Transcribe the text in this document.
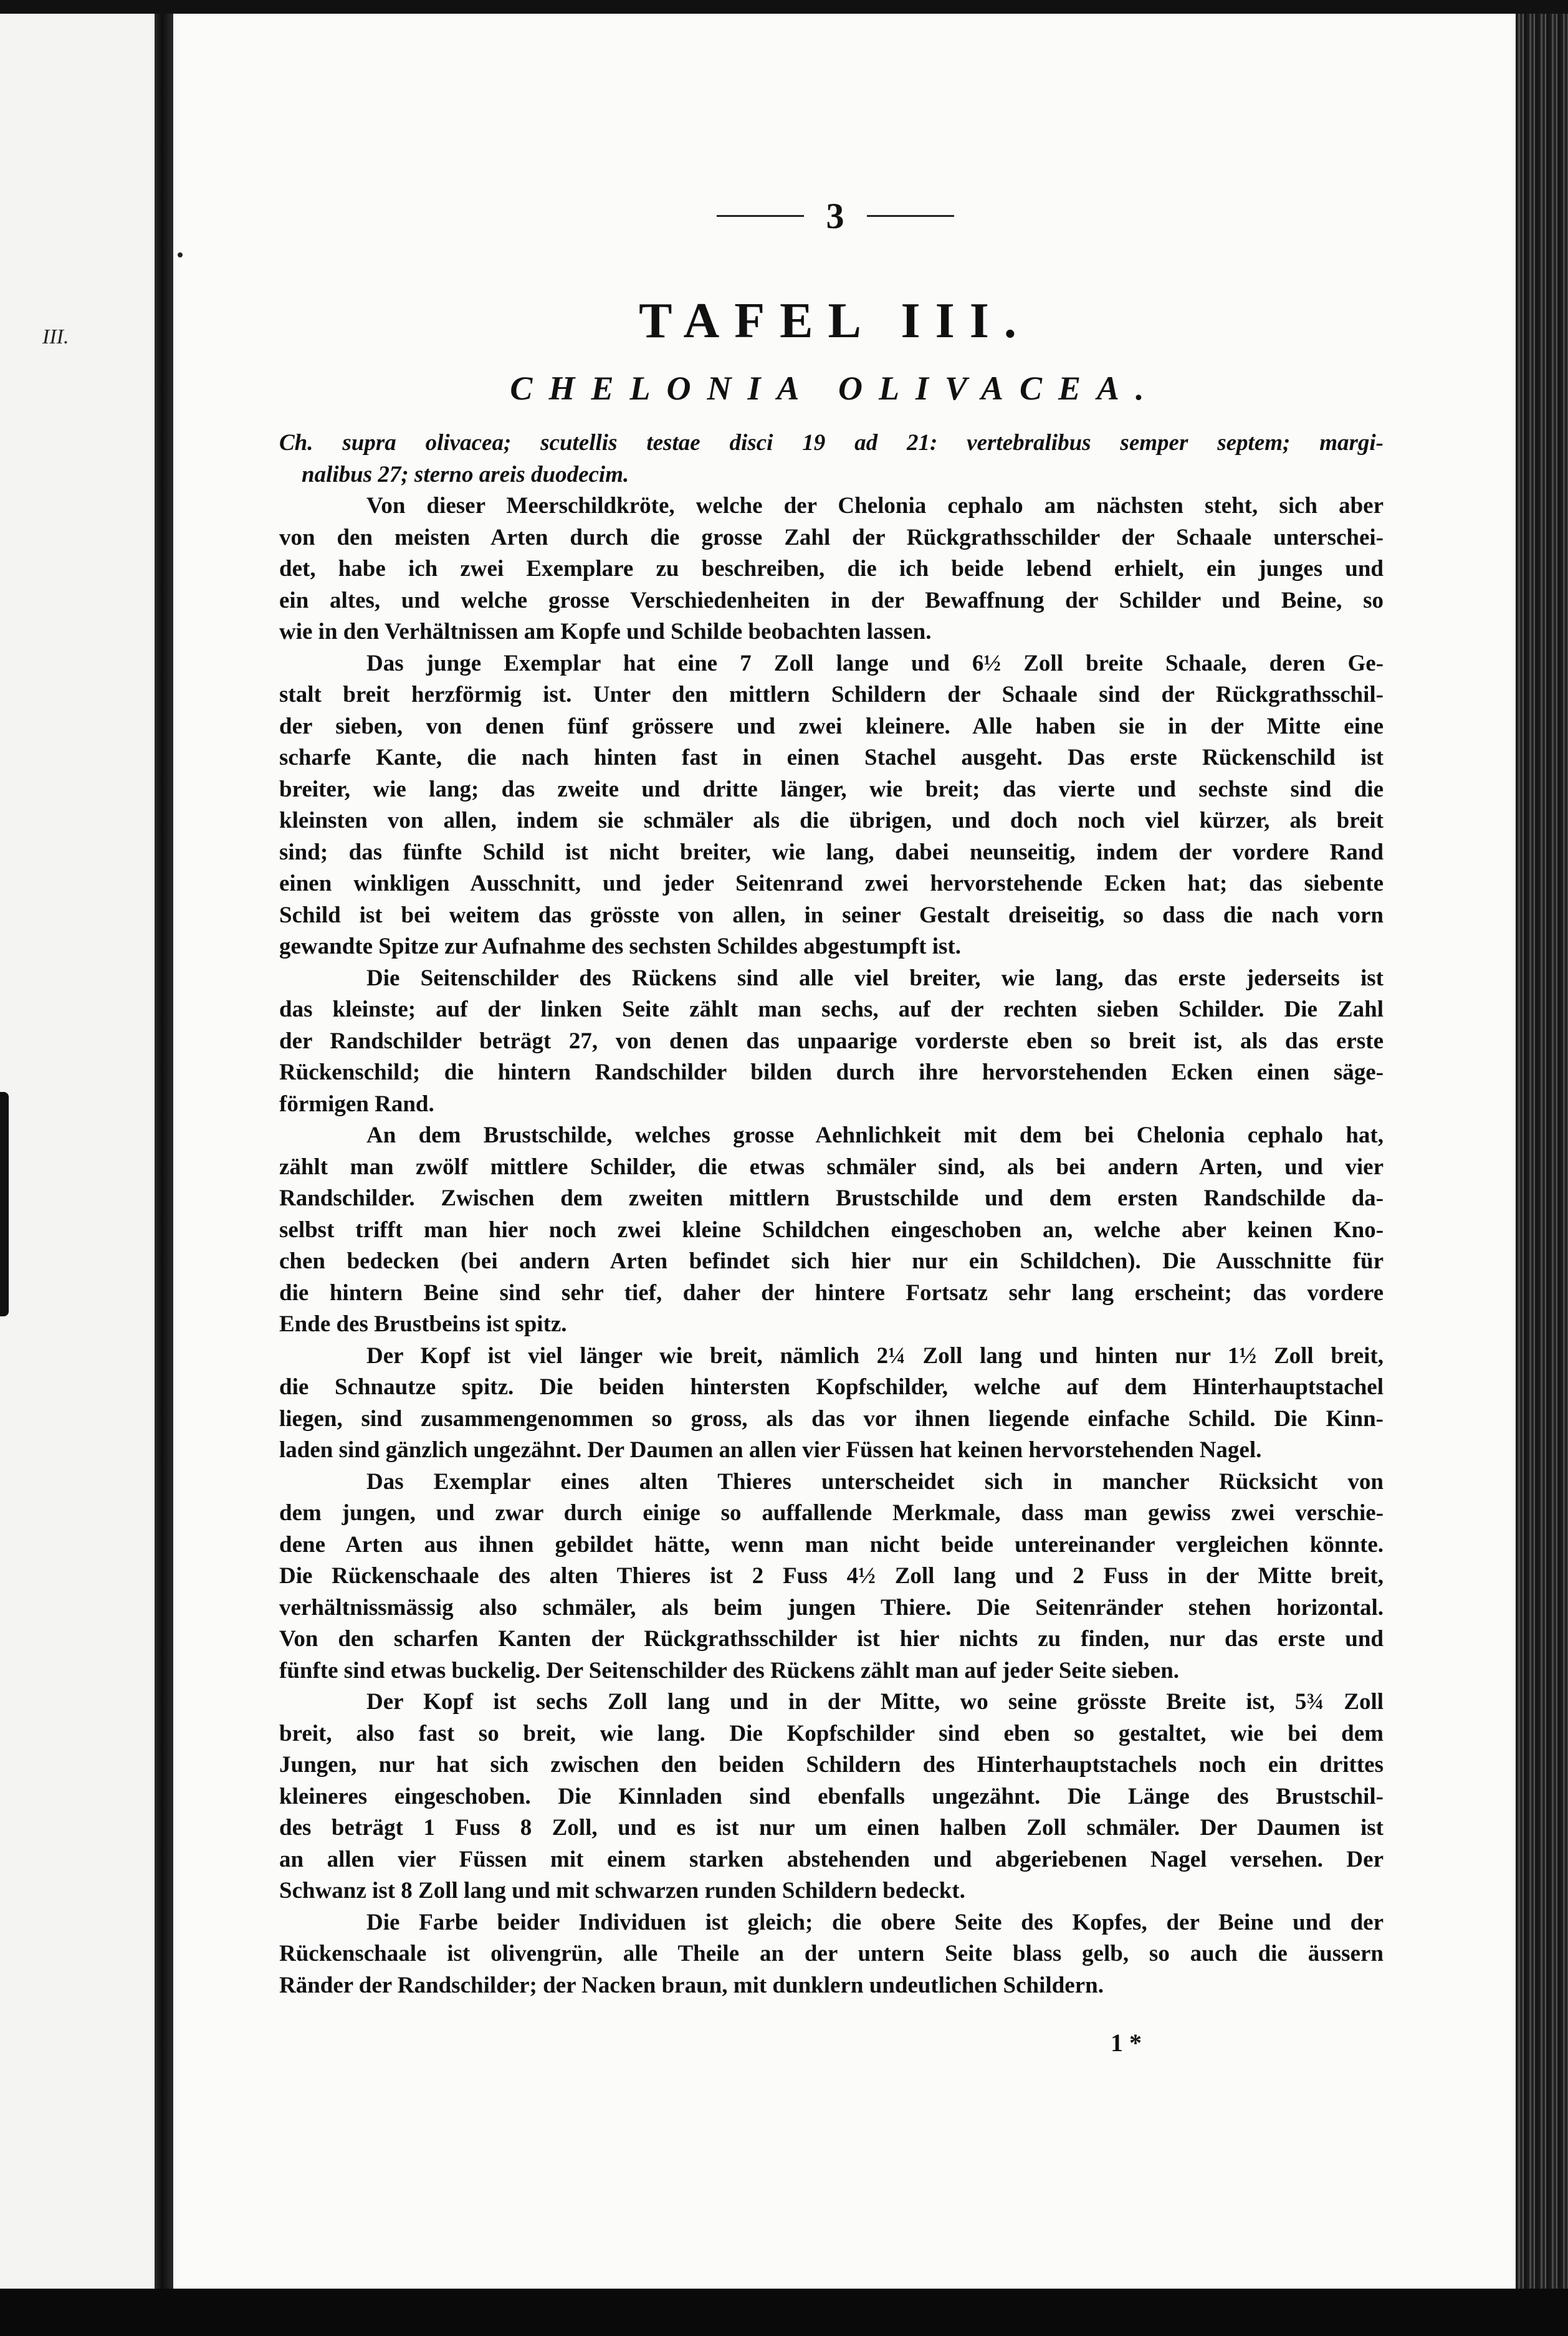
III.
3
TAFEL III.
CHELONIA OLIVACEA.

Ch. supra olivacea; scutellis testae disci 19 ad 21: vertebralibus semper septem; margi-
nalibus 27; sterno areis duodecim.

Von dieser Meerschildkröte, welche der Chelonia cephalo am nächsten steht, sich aber
von den meisten Arten durch die grosse Zahl der Rückgrathsschilder der Schaale unterschei-
det, habe ich zwei Exemplare zu beschreiben, die ich beide lebend erhielt, ein junges und
ein altes, und welche grosse Verschiedenheiten in der Bewaffnung der Schilder und Beine, so
wie in den Verhältnissen am Kopfe und Schilde beobachten lassen.

Das junge Exemplar hat eine 7 Zoll lange und 6½ Zoll breite Schaale, deren Ge-
stalt breit herzförmig ist. Unter den mittlern Schildern der Schaale sind der Rückgrathsschil-
der sieben, von denen fünf grössere und zwei kleinere. Alle haben sie in der Mitte eine
scharfe Kante, die nach hinten fast in einen Stachel ausgeht. Das erste Rückenschild ist
breiter, wie lang; das zweite und dritte länger, wie breit; das vierte und sechste sind die
kleinsten von allen, indem sie schmäler als die übrigen, und doch noch viel kürzer, als breit
sind; das fünfte Schild ist nicht breiter, wie lang, dabei neunseitig, indem der vordere Rand
einen winkligen Ausschnitt, und jeder Seitenrand zwei hervorstehende Ecken hat; das siebente
Schild ist bei weitem das grösste von allen, in seiner Gestalt dreiseitig, so dass die nach vorn
gewandte Spitze zur Aufnahme des sechsten Schildes abgestumpft ist.

Die Seitenschilder des Rückens sind alle viel breiter, wie lang, das erste jederseits ist
das kleinste; auf der linken Seite zählt man sechs, auf der rechten sieben Schilder. Die Zahl
der Randschilder beträgt 27, von denen das unpaarige vorderste eben so breit ist, als das erste
Rückenschild; die hintern Randschilder bilden durch ihre hervorstehenden Ecken einen säge-
förmigen Rand.

An dem Brustschilde, welches grosse Aehnlichkeit mit dem bei Chelonia cephalo hat,
zählt man zwölf mittlere Schilder, die etwas schmäler sind, als bei andern Arten, und vier
Randschilder. Zwischen dem zweiten mittlern Brustschilde und dem ersten Randschilde da-
selbst trifft man hier noch zwei kleine Schildchen eingeschoben an, welche aber keinen Kno-
chen bedecken (bei andern Arten befindet sich hier nur ein Schildchen). Die Ausschnitte für
die hintern Beine sind sehr tief, daher der hintere Fortsatz sehr lang erscheint; das vordere
Ende des Brustbeins ist spitz.

Der Kopf ist viel länger wie breit, nämlich 2¼ Zoll lang und hinten nur 1½ Zoll breit,
die Schnautze spitz. Die beiden hintersten Kopfschilder, welche auf dem Hinterhauptstachel
liegen, sind zusammengenommen so gross, als das vor ihnen liegende einfache Schild. Die Kinn-
laden sind gänzlich ungezähnt. Der Daumen an allen vier Füssen hat keinen hervorstehenden Nagel.

Das Exemplar eines alten Thieres unterscheidet sich in mancher Rücksicht von
dem jungen, und zwar durch einige so auffallende Merkmale, dass man gewiss zwei verschie-
dene Arten aus ihnen gebildet hätte, wenn man nicht beide untereinander vergleichen könnte.
Die Rückenschaale des alten Thieres ist 2 Fuss 4½ Zoll lang und 2 Fuss in der Mitte breit,
verhältnissmässig also schmäler, als beim jungen Thiere. Die Seitenränder stehen horizontal.
Von den scharfen Kanten der Rückgrathsschilder ist hier nichts zu finden, nur das erste und
fünfte sind etwas buckelig. Der Seitenschilder des Rückens zählt man auf jeder Seite sieben.

Der Kopf ist sechs Zoll lang und in der Mitte, wo seine grösste Breite ist, 5¾ Zoll
breit, also fast so breit, wie lang. Die Kopfschilder sind eben so gestaltet, wie bei dem
Jungen, nur hat sich zwischen den beiden Schildern des Hinterhauptstachels noch ein drittes
kleineres eingeschoben. Die Kinnladen sind ebenfalls ungezähnt. Die Länge des Brustschil-
des beträgt 1 Fuss 8 Zoll, und es ist nur um einen halben Zoll schmäler. Der Daumen ist
an allen vier Füssen mit einem starken abstehenden und abgeriebenen Nagel versehen. Der
Schwanz ist 8 Zoll lang und mit schwarzen runden Schildern bedeckt.

Die Farbe beider Individuen ist gleich; die obere Seite des Kopfes, der Beine und der
Rückenschaale ist olivengrün, alle Theile an der untern Seite blass gelb, so auch die äussern
Ränder der Randschilder; der Nacken braun, mit dunklern undeutlichen Schildern.

1 *
